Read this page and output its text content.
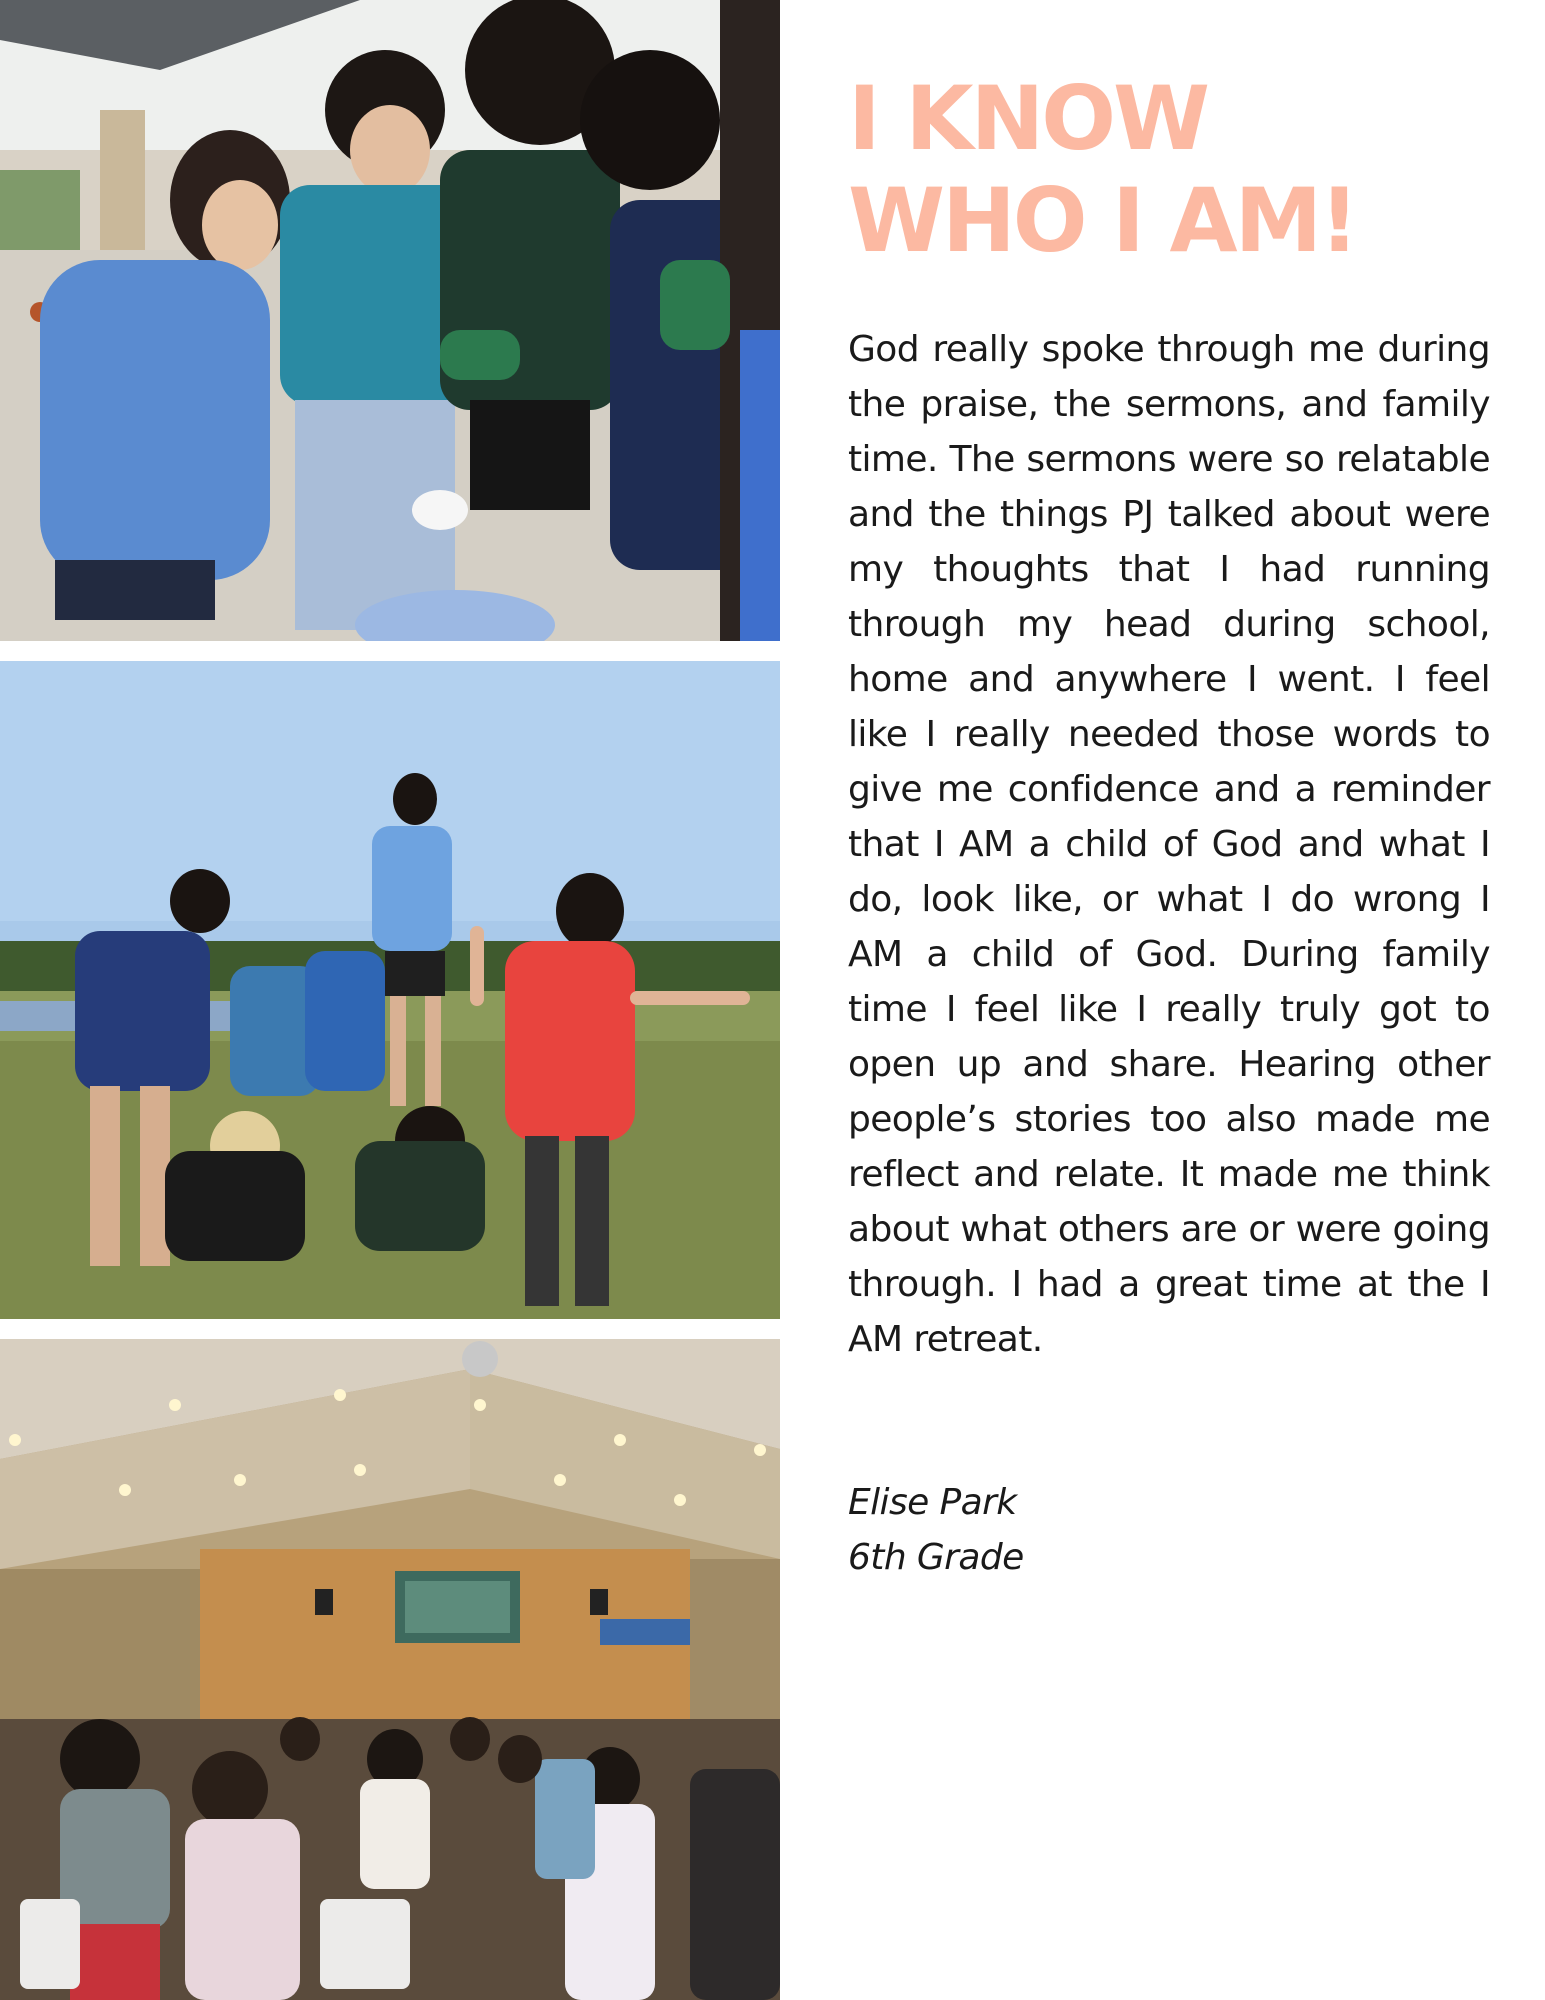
I KNOW
WHO I AM!

God really spoke through me during the praise, the sermons, and family time. The sermons were so relatable and the things PJ talked about were my thoughts that I had running through my head during school, home and anywhere I went. I feel like I really needed those words to give me confidence and a reminder that I AM a child of God and what I do, look like, or what I do wrong I AM a child of God. During family time I feel like I really truly got to open up and share. Hearing other people’s stories too also made me reflect and relate. It made me think about what others are or were going through. I had a great time at the I AM retreat.

Elise Park
6th Grade
